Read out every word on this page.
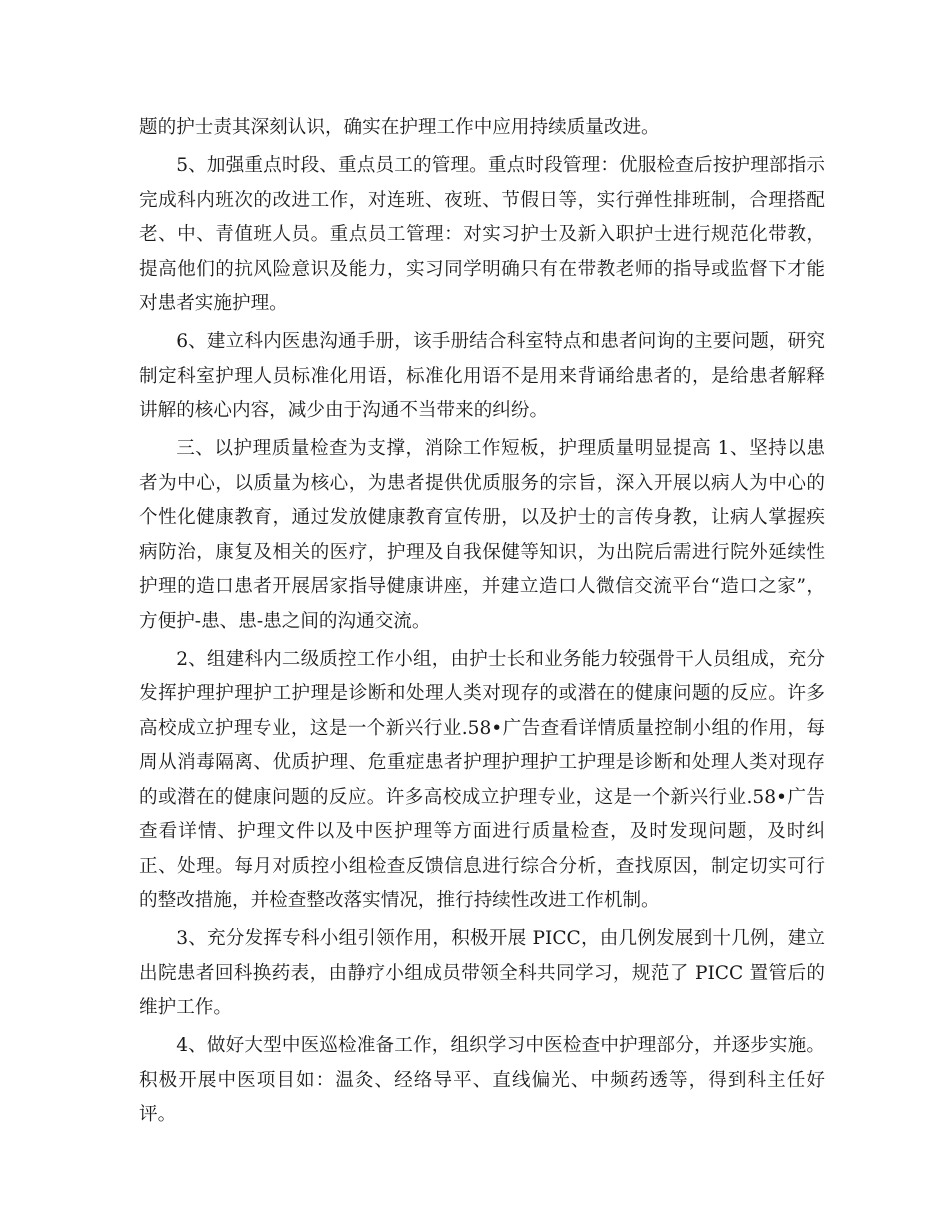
题的护士责其深刻认识，确实在护理工作中应用持续质量改进。

5、加强重点时段、重点员工的管理。重点时段管理：优服检查后按护理部指示完成科内班次的改进工作，对连班、夜班、节假日等，实行弹性排班制，合理搭配老、中、青值班人员。重点员工管理：对实习护士及新入职护士进行规范化带教，提高他们的抗风险意识及能力，实习同学明确只有在带教老师的指导或监督下才能对患者实施护理。

6、建立科内医患沟通手册，该手册结合科室特点和患者问询的主要问题，研究制定科室护理人员标准化用语，标准化用语不是用来背诵给患者的，是给患者解释讲解的核心内容，减少由于沟通不当带来的纠纷。

三、以护理质量检查为支撑，消除工作短板，护理质量明显提高 1、坚持以患者为中心，以质量为核心，为患者提供优质服务的宗旨，深入开展以病人为中心的个性化健康教育，通过发放健康教育宣传册，以及护士的言传身教，让病人掌握疾病防治，康复及相关的医疗，护理及自我保健等知识，为出院后需进行院外延续性护理的造口患者开展居家指导健康讲座，并建立造口人微信交流平台“造口之家”，方便护-患、患-患之间的沟通交流。

2、组建科内二级质控工作小组，由护士长和业务能力较强骨干人员组成，充分发挥护理护理护工护理是诊断和处理人类对现存的或潜在的健康问题的反应。许多高校成立护理专业，这是一个新兴行业.58•广告查看详情质量控制小组的作用，每周从消毒隔离、优质护理、危重症患者护理护理护工护理是诊断和处理人类对现存的或潜在的健康问题的反应。许多高校成立护理专业，这是一个新兴行业.58•广告查看详情、护理文件以及中医护理等方面进行质量检查，及时发现问题，及时纠正、处理。每月对质控小组检查反馈信息进行综合分析，查找原因，制定切实可行的整改措施，并检查整改落实情况，推行持续性改进工作机制。

3、充分发挥专科小组引领作用，积极开展 PICC，由几例发展到十几例，建立出院患者回科换药表，由静疗小组成员带领全科共同学习，规范了 PICC 置管后的维护工作。

4、做好大型中医巡检准备工作，组织学习中医检查中护理部分，并逐步实施。积极开展中医项目如：温灸、经络导平、直线偏光、中频药透等，得到科主任好评。
